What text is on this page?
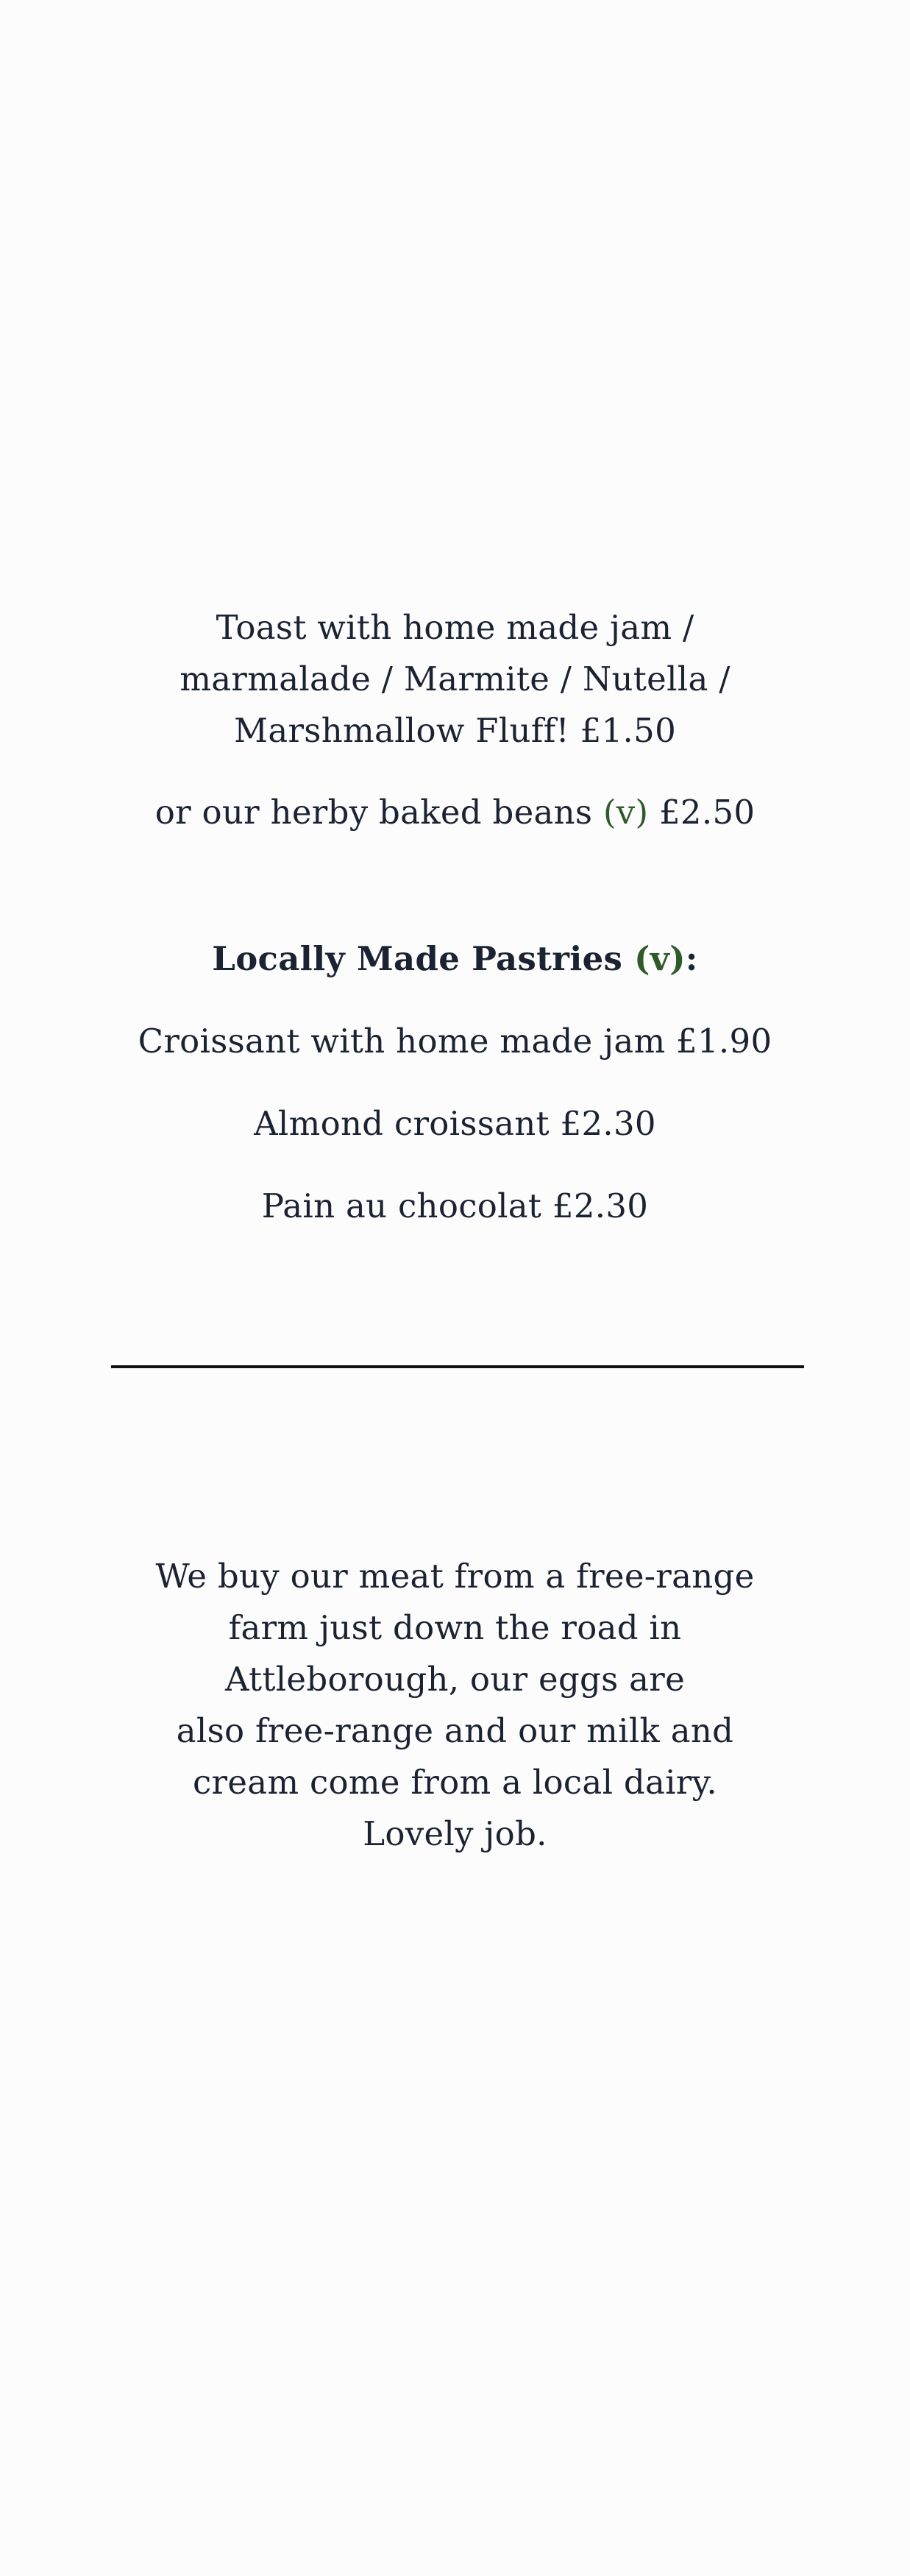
Toast with home made jam /

marmalade / Marmite / Nutella /

Marshmallow Fluff! £1.50

or our herby baked beans (v) £2.50

Locally Made Pastries (v):

Croissant with home made jam £1.90

Almond croissant £2.30

Pain au chocolat £2.30

We buy our meat from a free-range

farm just down the road in

Attleborough, our eggs are

also free-range and our milk and

cream come from a local dairy.

Lovely job.
